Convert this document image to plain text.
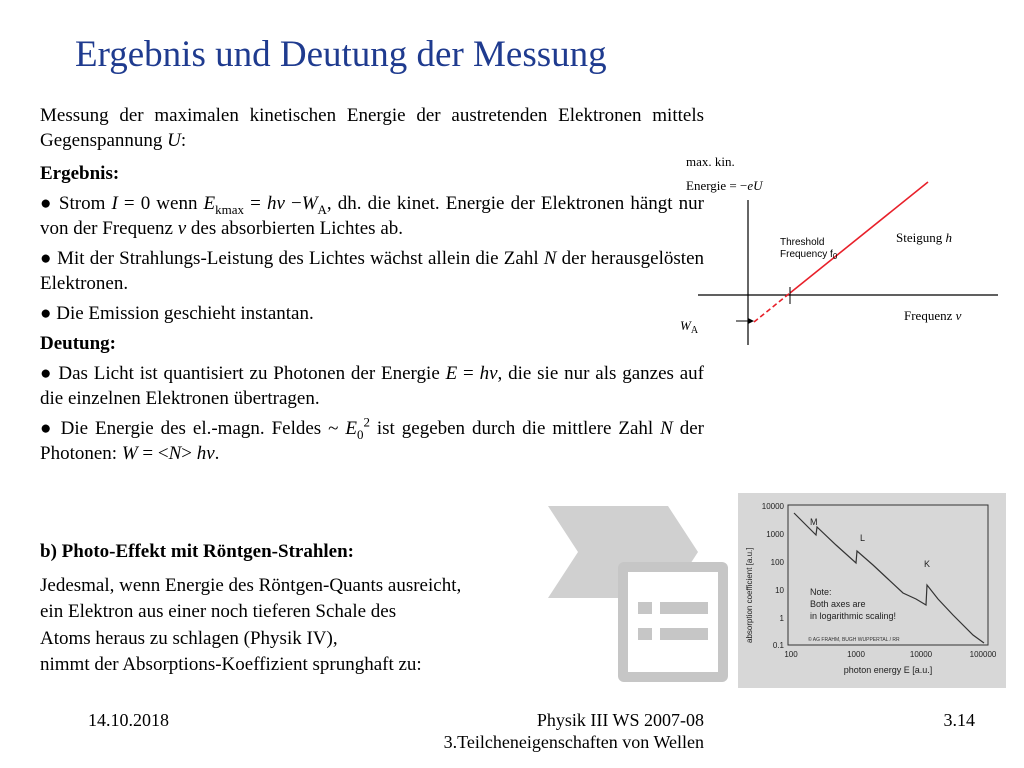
Ergebnis und Deutung der Messung

Messung der maximalen kinetischen Energie der austretenden Elektronen mittels Gegenspannung U:

Ergebnis:

● Strom I = 0 wenn $E_{kmax} = h\nu -W_A$, dh. die kinet. Energie der Elektronen hängt nur von der Frequenz ν des absorbierten Lichtes ab.

● Mit der Strahlungs-Leistung des Lichtes wächst allein die Zahl N der herausgelösten Elektronen.

● Die Emission geschieht instantan.

Deutung:

● Das Licht ist quantisiert zu Photonen der Energie E = hν, die sie nur als ganzes auf die einzelnen Elektronen übertragen.

● Die Energie des el.-magn. Feldes ~ $E_0^2$ ist gegeben durch die mittlere Zahl N der Photonen: W = <N> hν.

b) Photo-Effekt mit Röntgen-Strahlen:
Jedesmal, wenn Energie des Röntgen-Quants ausreicht,
ein Elektron aus einer noch tieferen Schale des
Atoms heraus zu schlagen (Physik IV),
nimmt der Absorptions-Koeffizient sprunghaft zu:
max. kin.
Energie = −eU
Threshold
Frequency $f_0$
Steigung h
Frequenz ν
$W_A$
10000
1000
100
10
1
0.1
100	1000	10000	100000
absorption coefficient [a.u.]
photon energy E [a.u.]
M
L
K
Note:
Both axes are
in logarithmic scaling!
© AG FRAHM, BUGH WUPPERTAL / RR
14.10.2018	Physik III WS 2007-08
3.Teilcheneigenschaften von Wellen
3.14
